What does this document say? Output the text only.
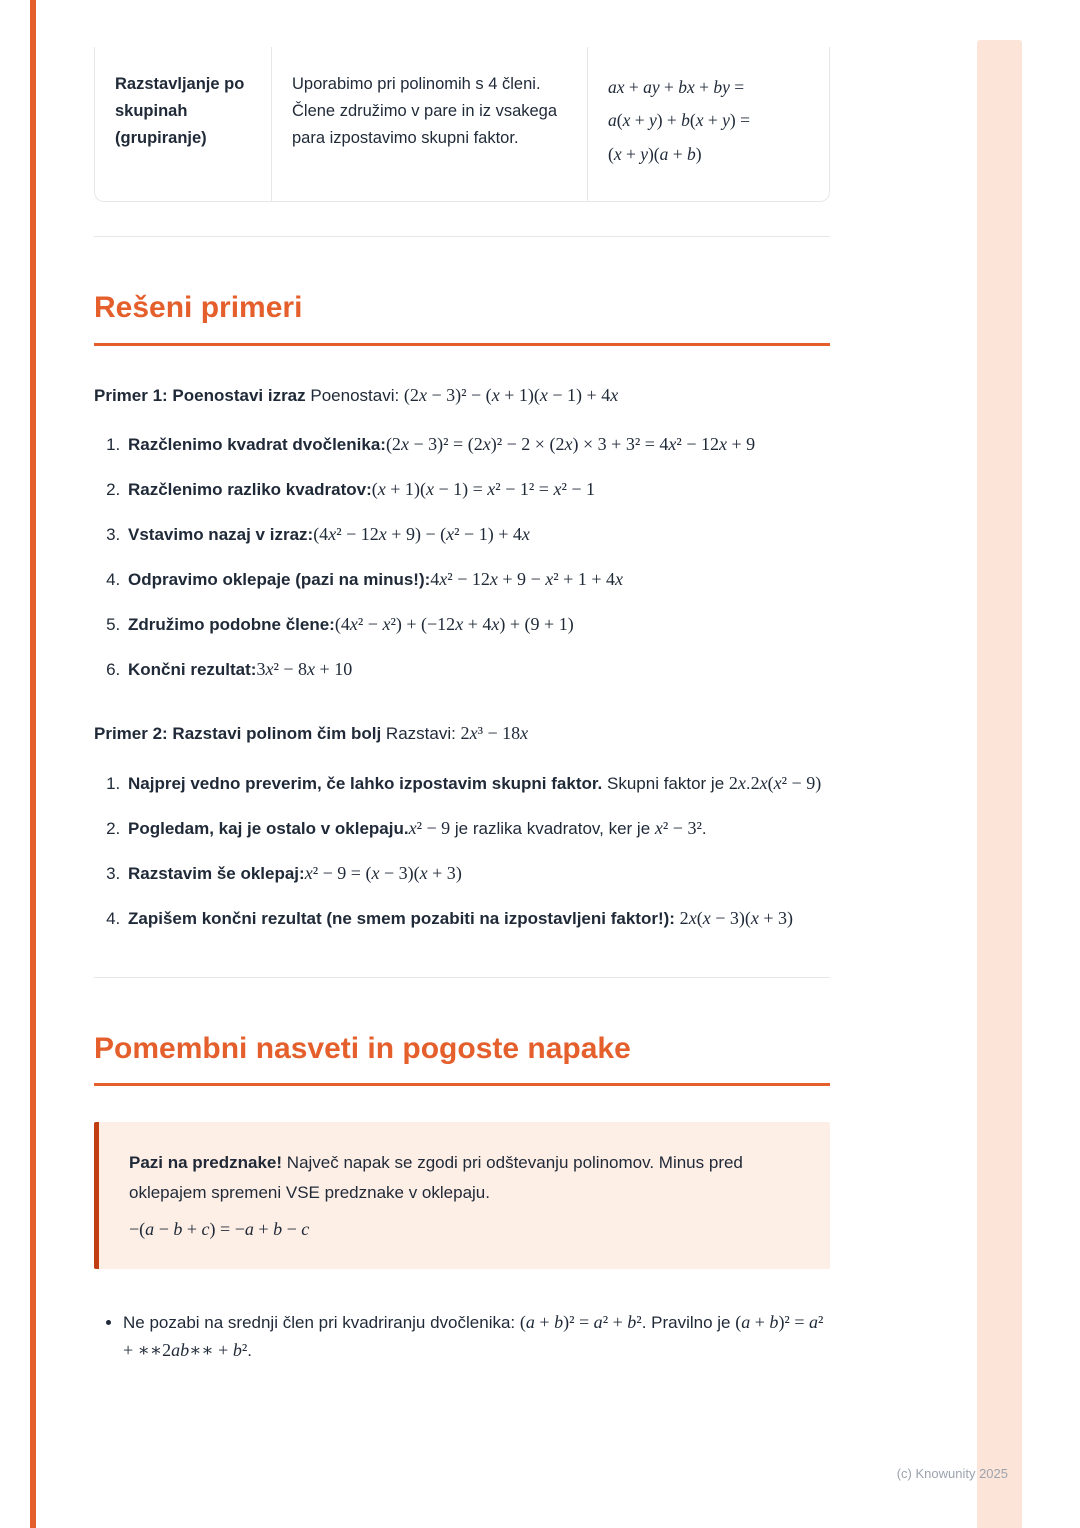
Razstavljanje po skupinah (grupiranje)
Uporabimo pri polinomih s 4 členi. Člene združimo v pare in iz vsakega para izpostavimo skupni faktor.
ax + ay + bx + by =
a(x + y) + b(x + y) =
(x + y)(a + b)
Rešeni primeri

Primer 1: Poenostavi izraz Poenostavi: (2x − 3)² − (x + 1)(x − 1) + 4x

1. Razčlenimo kvadrat dvočlenika:(2x − 3)² = (2x)² − 2 × (2x) × 3 + 3² = 4x² − 12x + 9
2. Razčlenimo razliko kvadratov:(x + 1)(x − 1) = x² − 1² = x² − 1
3. Vstavimo nazaj v izraz:(4x² − 12x + 9) − (x² − 1) + 4x
4. Odpravimo oklepaje (pazi na minus!):4x² − 12x + 9 − x² + 1 + 4x
5. Združimo podobne člene:(4x² − x²) + (−12x + 4x) + (9 + 1)
6. Končni rezultat:3x² − 8x + 10

Primer 2: Razstavi polinom čim bolj Razstavi: 2x³ − 18x

1. Najprej vedno preverim, če lahko izpostavim skupni faktor. Skupni faktor je 2x.2x(x² − 9)
2. Pogledam, kaj je ostalo v oklepaju.x² − 9 je razlika kvadratov, ker je x² − 3².
3. Razstavim še oklepaj:x² − 9 = (x − 3)(x + 3)
4. Zapišem končni rezultat (ne smem pozabiti na izpostavljeni faktor!): 2x(x − 3)(x + 3)
Pomembni nasveti in pogoste napake

Pazi na predznake! Največ napak se zgodi pri odštevanju polinomov. Minus pred oklepajem spremeni VSE predznake v oklepaju.

−(a − b + c) = −a + b − c

• Ne pozabi na srednji člen pri kvadriranju dvočlenika: (a + b)² = a² + b². Pravilno je (a + b)² = a² + ∗∗2ab∗∗ + b².
(c) Knowunity 2025
